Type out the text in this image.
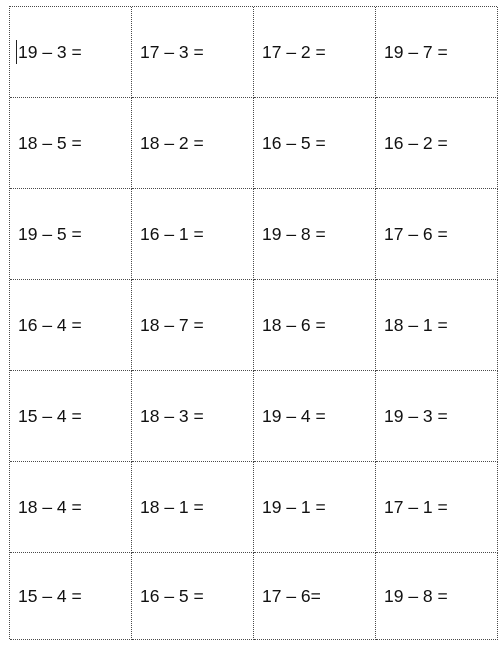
19 – 3 =	17 – 3 =	17 – 2 =	19 – 7 =
18 – 5 =	18 – 2 =	16 – 5 =	16 – 2 =
19 – 5 =	16 – 1 =	19 – 8 =	17 – 6 =
16 – 4 =	18 – 7 =	18 – 6 =	18 – 1 =
15 – 4 =	18 – 3 =	19 – 4 =	19 – 3 =
18 – 4 =	18 – 1 =	19 – 1 =	17 – 1 =
15 – 4 =	16 – 5 =	17 – 6=	19 – 8 =
